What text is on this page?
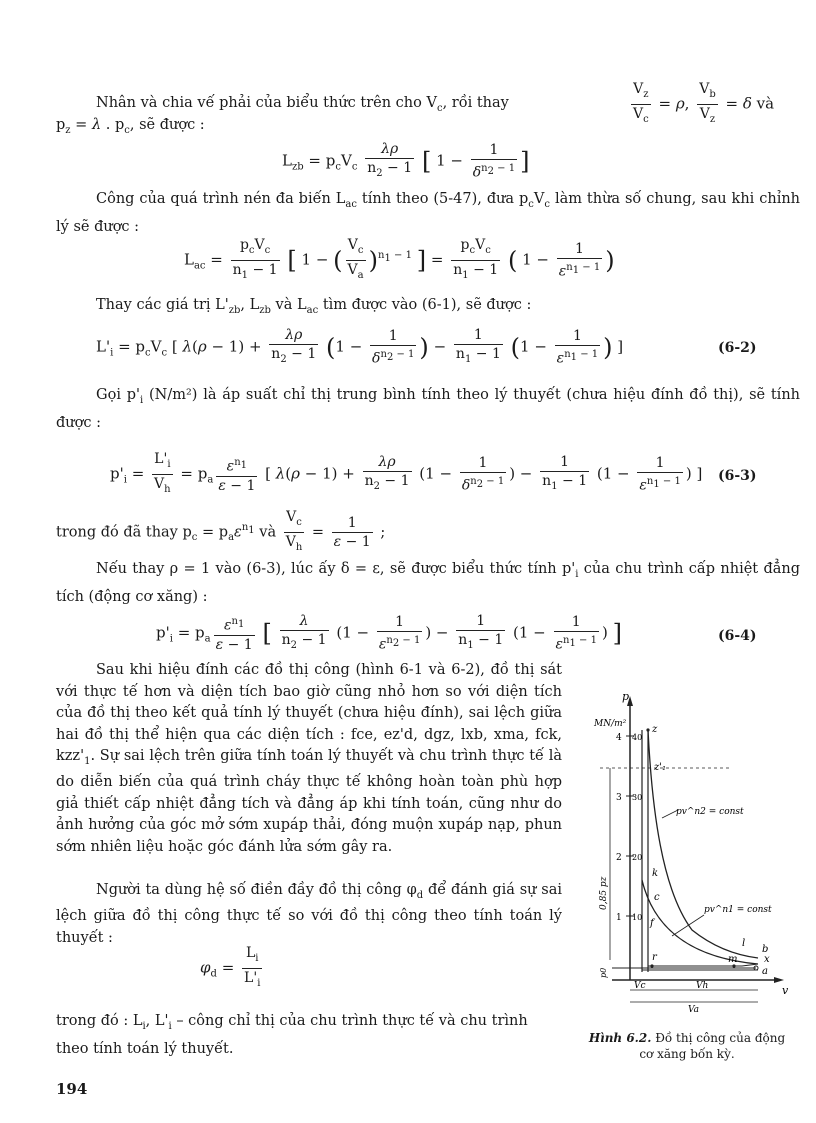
Nhân và chia vế phải của biểu thức trên cho $V_c$, rồi thay	$\frac{V_z}{V_c} = \rho$, $\frac{V_b}{V_z} = \delta$ và
$p_z = \lambda$ . $p_c$, sẽ được :
$L_{zb} = p_cV_c \frac{\lambda\rho}{n_2 - 1}$ [ $1 - \frac{1}{\delta^{n_2 - 1}}$ ]
Công của quá trình nén đa biến $L_{ac}$ tính theo (5-47), đưa $p_cV_c$ làm thừa số chung, sau khi chỉnh lý sẽ được :
$L_{ac} = \frac{p_cV_c}{n_1 - 1}$ [ 1 − ( $\frac{V_c}{V_a} )^{n_1 - 1}$ ] = $\frac{p_cV_c}{n_1 - 1}$ ( $1 - \frac{1}{\varepsilon^{n_1 - 1}}$ )
Thay các giá trị $L'_{zb}$, $L_{zb}$ và $L_{ac}$ tìm được vào (6-1), sẽ được :
$L'_i = p_cV_c$ [ $\lambda(\rho - 1) + \frac{\lambda\rho}{n_2 - 1} (1 - \frac{1}{\delta^{n_2 - 1}}$ ) − $\frac{1}{n_1 - 1} (1 - \frac{1}{\varepsilon^{n_1 - 1}}$ ) ]	(6-2)
Gọi $p'_i$ (N/m²) là áp suất chỉ thị trung bình tính theo lý thuyết (chưa hiệu đính đồ thị), sẽ tính được :
$p'_i = \frac{L'_i}{V_h} = p_a \frac{\varepsilon^{n_1}}{\varepsilon - 1}$ [ $\lambda(\rho - 1) + \frac{\lambda\rho}{n_2 - 1} (1 - \frac{1}{\delta^{n_2 - 1}}$ ) − $\frac{1}{n_1 - 1} (1 - \frac{1}{\varepsilon^{n_1 - 1}}$ ) ] (6-3)
trong đó đã thay $p_c = p_a\varepsilon^{n_1}$ và $\frac{V_c}{V_h} = \frac{1}{\varepsilon - 1}$ ;
Nếu thay ρ = 1 vào (6-3), lúc ấy δ = ε, sẽ được biểu thức tính $p'_i$ của chu trình cấp nhiệt đẳng tích (động cơ xăng) :
$p'_i = p_a \frac{\varepsilon^{n_1}}{\varepsilon - 1}$ [ $\frac{\lambda}{n_2 - 1} (1 - \frac{1}{\varepsilon^{n_2 - 1}}$ ) − $\frac{1}{n_1 - 1} (1 - \frac{1}{\varepsilon^{n_1 - 1}}$ ) ]	(6-4)
Sau khi hiệu đính các đồ thị công (hình 6-1 và 6-2), đồ thị sát với thực tế hơn và diện tích bao giờ cũng nhỏ hơn so với diện tích của đồ thị theo kết quả tính lý thuyết (chưa hiệu đính), sai lệch giữa hai đồ thị thể hiện qua các diện tích : fce, ez'd, dgz, lxb, xma, fck, $kzz'_1$. Sự sai lệch trên giữa tính toán lý thuyết và chu trình thực tế là do diễn biến của quá trình cháy thực tế không hoàn toàn phù hợp giả thiết cấp nhiệt đẳng tích và đẳng áp khi tính toán, cũng như do ảnh hưởng của góc mở sớm xupáp thải, đóng muộn xupáp nạp, phun sớm nhiên liệu hoặc góc đánh lửa sớm gây ra.
Người ta dùng hệ số điền đầy đồ thị công $\varphi_d$ để đánh giá sự sai lệch giữa đồ thị công thực tế so với đồ thị công theo tính toán lý thuyết :
$\varphi_d = \frac{L_i}{L'_i}$
trong đó : $L_i$, $L'_i$ – công chỉ thị của chu trình thực tế và chu trình theo tính toán lý thuyết.
194
p
MN/m²
v
4
3
2
1
40
30
20
10
z
z'₁
pv^n2 = const
k
c
f
pv^n1 = const
l
b
r	m	x
a
0,85 pz
p0
Vc	Vh
Va
Hình 6.2. Đồ thị công của động cơ xăng bốn kỳ.
